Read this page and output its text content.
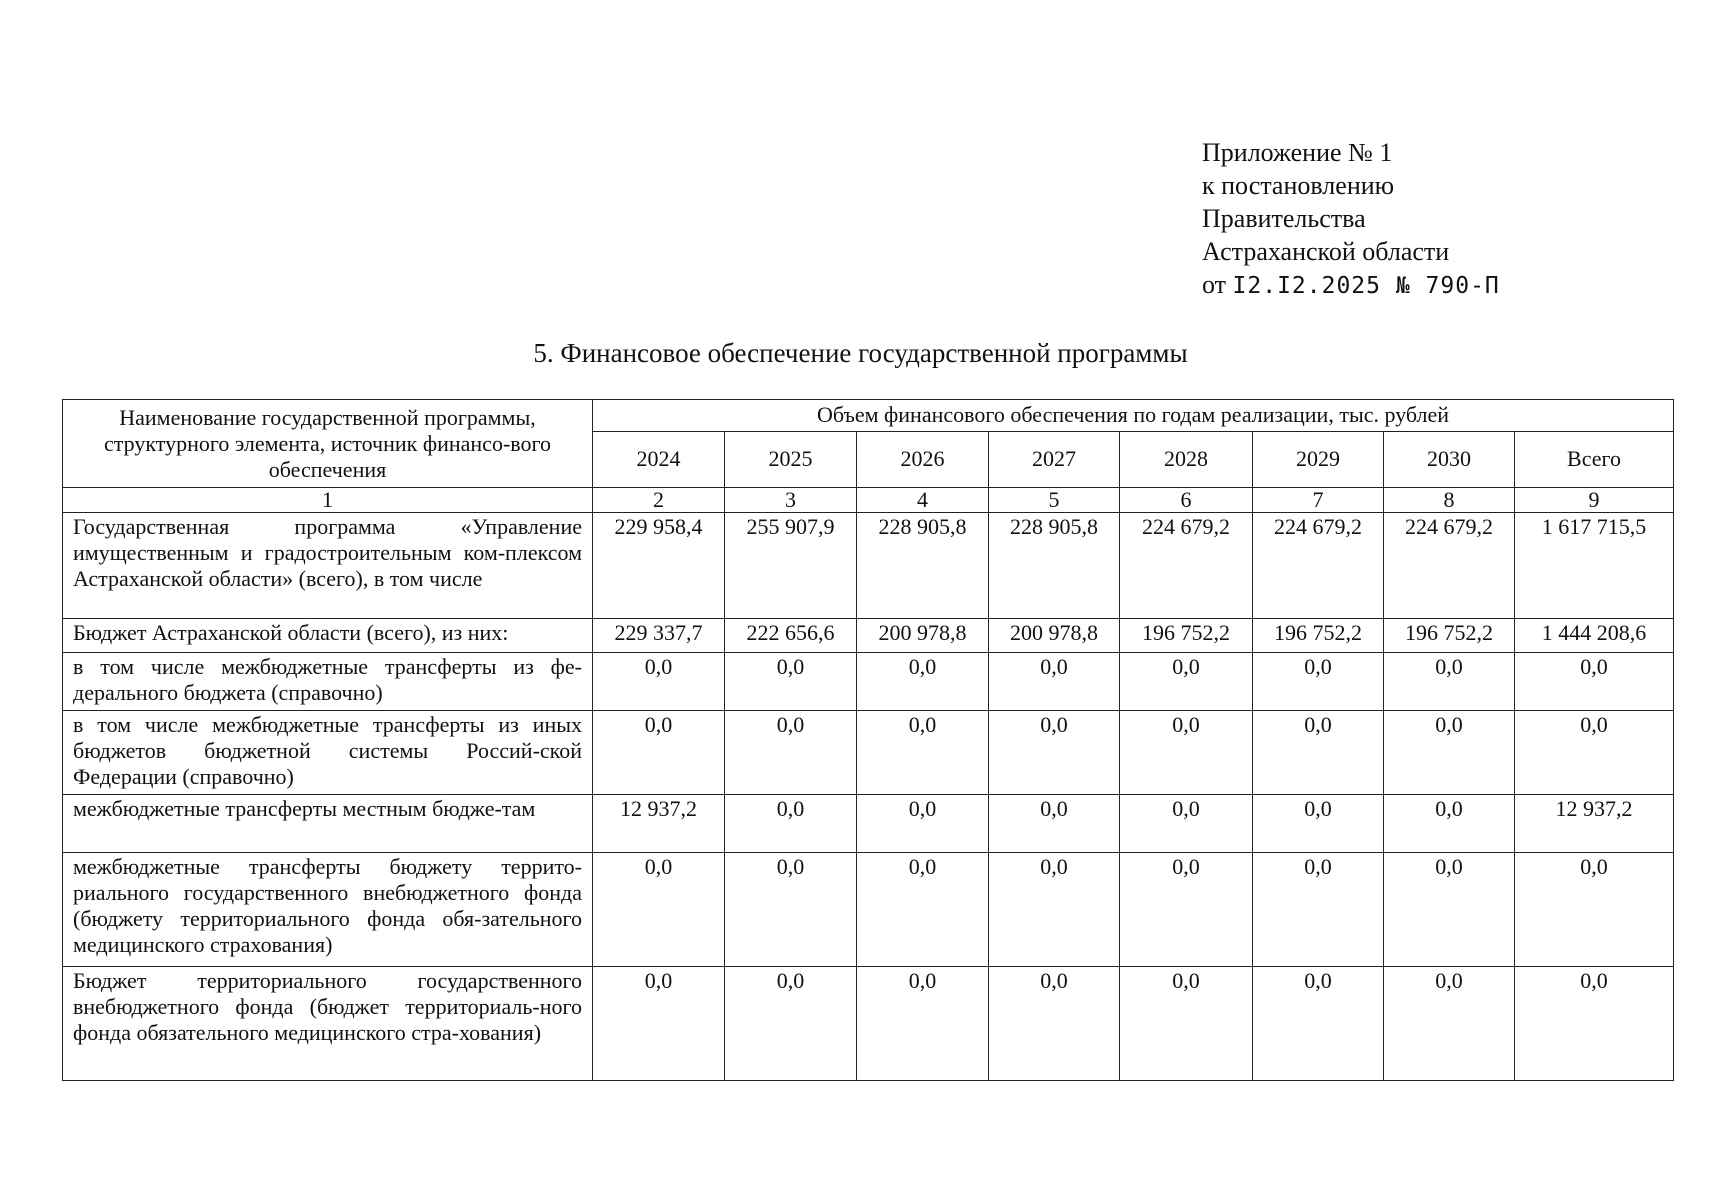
Приложение № 1
к постановлению
Правительства
Астраханской области
от I2.I2.2025 № 790-П
5. Финансовое обеспечение государственной программы
Наименование государственной программы, структурного элемента, источник финансо-вого обеспечения	Объем финансового обеспечения по годам реализации, тыс. рублей							
	2024	2025	2026	2027	2028	2029	2030	Всего
1	2	3	4	5	6	7	8	9
Государственная программа «Управление имущественным и градостроительным ком-плексом Астраханской области» (всего), в том числе	229 958,4	255 907,9	228 905,8	228 905,8	224 679,2	224 679,2	224 679,2	1 617 715,5
Бюджет Астраханской области (всего), из них:	229 337,7	222 656,6	200 978,8	200 978,8	196 752,2	196 752,2	196 752,2	1 444 208,6
в том числе межбюджетные трансферты из фе-дерального бюджета (справочно)	0,0	0,0	0,0	0,0	0,0	0,0	0,0	0,0
в том числе межбюджетные трансферты из иных бюджетов бюджетной системы Россий-ской Федерации (справочно)	0,0	0,0	0,0	0,0	0,0	0,0	0,0	0,0
межбюджетные трансферты местным бюдже-там	12 937,2	0,0	0,0	0,0	0,0	0,0	0,0	12 937,2
межбюджетные трансферты бюджету террито-риального государственного внебюджетного фонда (бюджету территориального фонда обя-зательного медицинского страхования)	0,0	0,0	0,0	0,0	0,0	0,0	0,0	0,0
Бюджет территориального государственного внебюджетного фонда (бюджет территориаль-ного фонда обязательного медицинского стра-хования)	0,0	0,0	0,0	0,0	0,0	0,0	0,0	0,0
